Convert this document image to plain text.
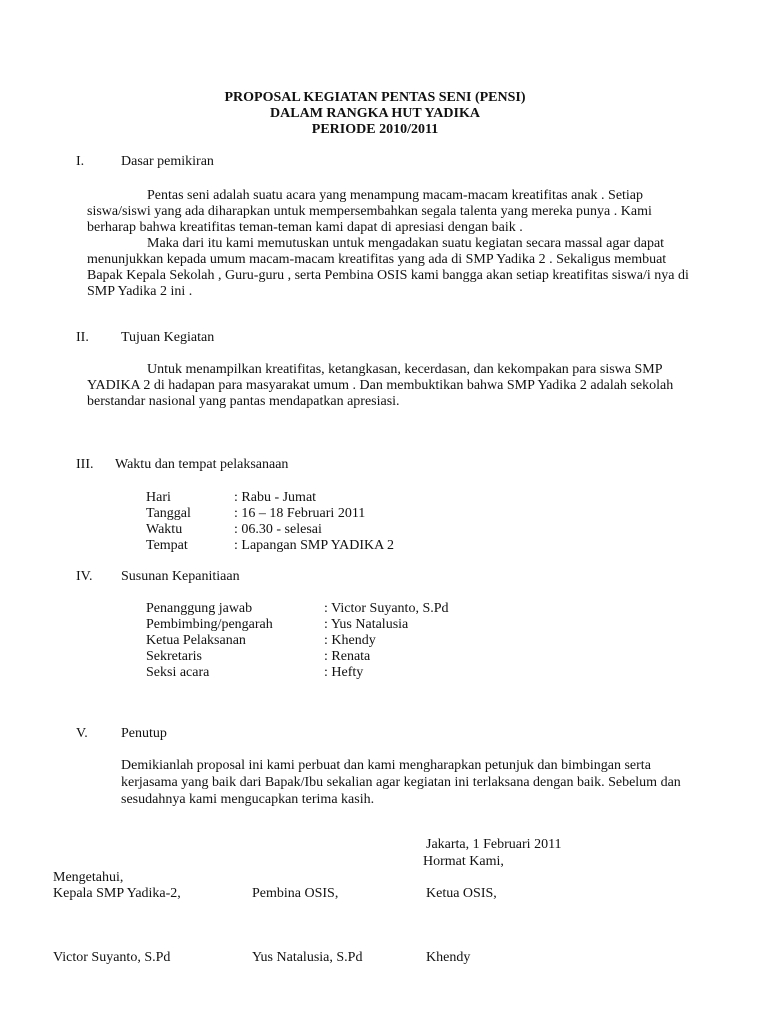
PROPOSAL KEGIATAN PENTAS SENI (PENSI)
DALAM RANGKA HUT YADIKA
PERIODE 2010/2011
I.	Dasar pemikiran
Pentas seni adalah suatu acara yang menampung macam-macam kreatifitas anak . Setiap
siswa/siswi yang ada diharapkan untuk mempersembahkan segala talenta yang mereka punya . Kami
berharap bahwa kreatifitas teman-teman kami dapat di apresiasi dengan baik .
Maka dari itu kami memutuskan untuk mengadakan suatu kegiatan secara massal agar dapat
menunjukkan kepada umum macam-macam kreatifitas yang ada di SMP Yadika 2 . Sekaligus membuat
Bapak Kepala Sekolah , Guru-guru , serta Pembina OSIS kami bangga akan setiap kreatifitas siswa/i nya di
SMP Yadika 2 ini .
II. Tujuan Kegiatan
Untuk menampilkan kreatifitas, ketangkasan, kecerdasan, dan kekompakan para siswa SMP
YADIKA 2 di hadapan para masyarakat umum . Dan membuktikan bahwa SMP Yadika 2 adalah sekolah
berstandar nasional yang pantas mendapatkan apresiasi.
III. Waktu dan tempat pelaksanaan
Hari	: Rabu - Jumat
Tanggal	: 16 – 18 Februari 2011
Waktu	: 06.30 - selesai
Tempat	: Lapangan SMP YADIKA 2
IV. Susunan Kepanitiaan
Penanggung jawab	: Victor Suyanto, S.Pd
Pembimbing/pengarah	: Yus Natalusia
Ketua Pelaksanan	: Khendy
Sekretaris	: Renata
Seksi acara	: Hefty
V. Penutup
Demikianlah proposal ini kami perbuat dan kami mengharapkan petunjuk dan bimbingan serta
kerjasama yang baik dari Bapak/Ibu sekalian agar kegiatan ini terlaksana dengan baik. Sebelum dan
sesudahnya kami mengucapkan terima kasih.
Jakarta, 1 Februari 2011
Hormat Kami,
Mengetahui,
Kepala SMP Yadika-2,	Pembina OSIS,	Ketua OSIS,
Victor Suyanto, S.Pd	Yus Natalusia, S.Pd	Khendy
